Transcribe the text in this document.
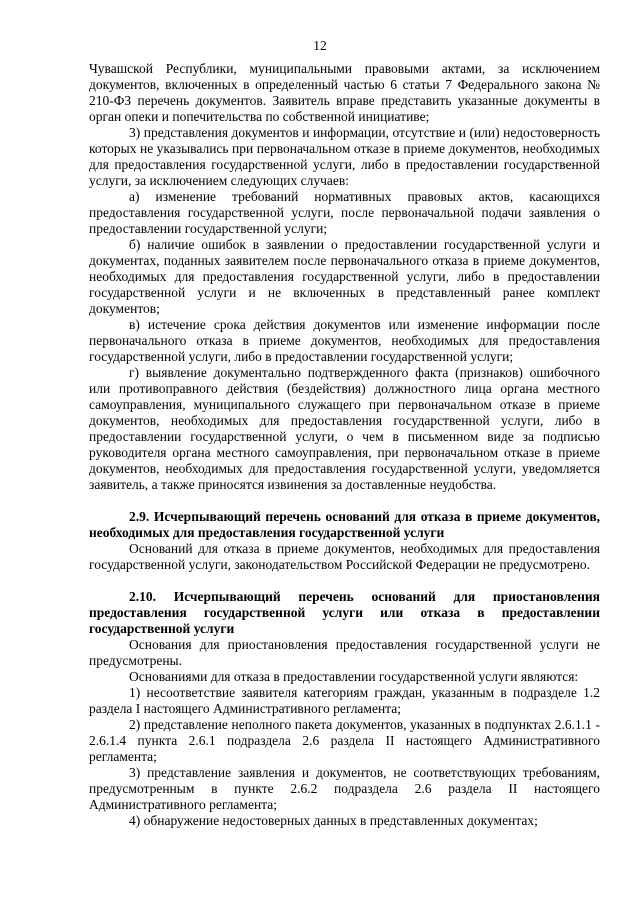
12

Чувашской Республики, муниципальными правовыми актами, за исключением документов, включенных в определенный частью 6 статьи 7 Федерального закона № 210-ФЗ перечень документов. Заявитель вправе представить указанные документы в орган опеки и попечительства по собственной инициативе;

3) представления документов и информации, отсутствие и (или) недостоверность которых не указывались при первоначальном отказе в приеме документов, необходимых для предоставления государственной услуги, либо в предоставлении государственной услуги, за исключением следующих случаев:

а) изменение требований нормативных правовых актов, касающихся предоставления государственной услуги, после первоначальной подачи заявления о предоставлении государственной услуги;

б) наличие ошибок в заявлении о предоставлении государственной услуги и документах, поданных заявителем после первоначального отказа в приеме документов, необходимых для предоставления государственной услуги, либо в предоставлении государственной услуги и не включенных в представленный ранее комплект документов;

в) истечение срока действия документов или изменение информации после первоначального отказа в приеме документов, необходимых для предоставления государственной услуги, либо в предоставлении государственной услуги;

г) выявление документально подтвержденного факта (признаков) ошибочного или противоправного действия (бездействия) должностного лица органа местного самоуправления, муниципального служащего при первоначальном отказе в приеме документов, необходимых для предоставления государственной услуги, либо в предоставлении государственной услуги, о чем в письменном виде за подписью руководителя органа местного самоуправления, при первоначальном отказе в приеме документов, необходимых для предоставления государственной услуги, уведомляется заявитель, а также приносятся извинения за доставленные неудобства.

2.9. Исчерпывающий перечень оснований для отказа в приеме документов, необходимых для предоставления государственной услуги

Оснований для отказа в приеме документов, необходимых для предоставления государственной услуги, законодательством Российской Федерации не предусмотрено.

2.10. Исчерпывающий перечень оснований для приостановления предоставления государственной услуги или отказа в предоставлении государственной услуги

Основания для приостановления предоставления государственной услуги не предусмотрены.

Основаниями для отказа в предоставлении государственной услуги являются:

1) несоответствие заявителя категориям граждан, указанным в подразделе 1.2 раздела I настоящего Административного регламента;

2) представление неполного пакета документов, указанных в подпунктах 2.6.1.1 - 2.6.1.4 пункта 2.6.1 подраздела 2.6 раздела II настоящего Административного регламента;

3) представление заявления и документов, не соответствующих требованиям, предусмотренным в пункте 2.6.2 подраздела 2.6 раздела II настоящего Административного регламента;

4) обнаружение недостоверных данных в представленных документах;
